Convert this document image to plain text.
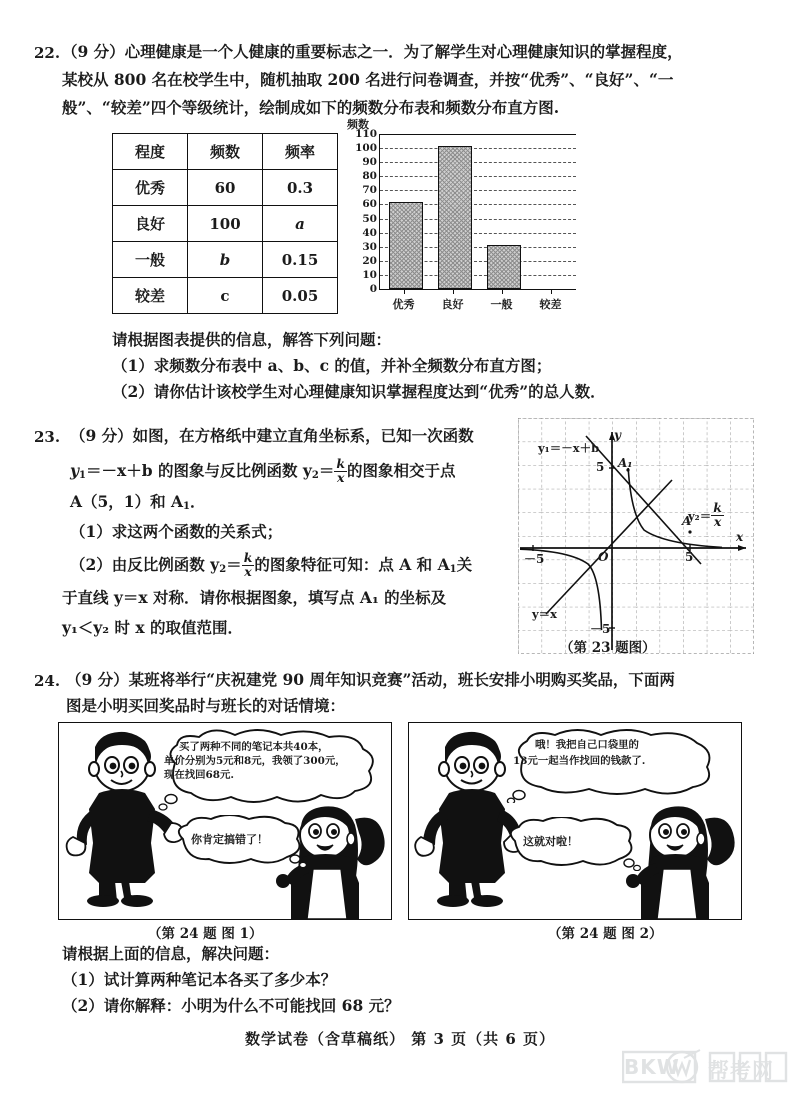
22. （9 分）心理健康是一个人健康的重要标志之一．为了解学生对心理健康知识的掌握程度，
某校从 800 名在校学生中，随机抽取 200 名进行问卷调查，并按“优秀”、“良好”、“一
般”、“较差”四个等级统计，绘制成如下的频数分布表和频数分布直方图.
程度	频数	频率
优秀	60	0.3
良好	100	a
一般	b	0.15
较差	c	0.05
频数
0
10
20
30
40
50
60
70
80
90
100
110
优秀 良好 一般 较差
请根据图表提供的信息，解答下列问题：
（1）求频数分布表中 a、b、c 的值，并补全频数分布直方图；
（2）请你估计该校学生对心理健康知识掌握程度达到“优秀”的总人数．
23. （9 分）如图，在方格纸中建立直角坐标系，已知一次函数
$y_1=-x+b$ 的图象与反比例函数 $y_2= \frac{k}{x}$ 的图象相交于点
A（5，1）和 $A_1$．
（1）求这两个函数的关系式；
（2）由反比例函数 $y_2= \frac{k}{x}$ 的图象特征可知：点 A 和 $A_1$关
于直线 y＝x 对称．请你根据图象，填写点 A₁ 的坐标及
y₁＜y₂ 时 x 的取值范围．
y
x
O
－5	5
5
－5
y₁＝－x＋b
y＝x
$y_2= \frac{k}{x}$
A
A₁
（第 23 题图）
24. （9 分）某班将举行“庆祝建党 90 周年知识竞赛”活动，班长安排小明购买奖品，下面两
图是小明买回奖品时与班长的对话情境：
买了两种不同的笔记本共40本，
单价分别为5元和8元，我领了300元，
现在找回68元.
你肯定搞错了！
（第 24 题 图 1）
哦！我把自己口袋里的
13元一起当作找回的钱款了.
这就对啦！
（第 24 题 图 2）
请根据上面的信息，解决问题：
（1）试计算两种笔记本各买了多少本？
（2）请你解释：小明为什么不可能找回 68 元？
数学试卷（含草稿纸） 第 3 页（共 6 页）
BKW 帮考网
